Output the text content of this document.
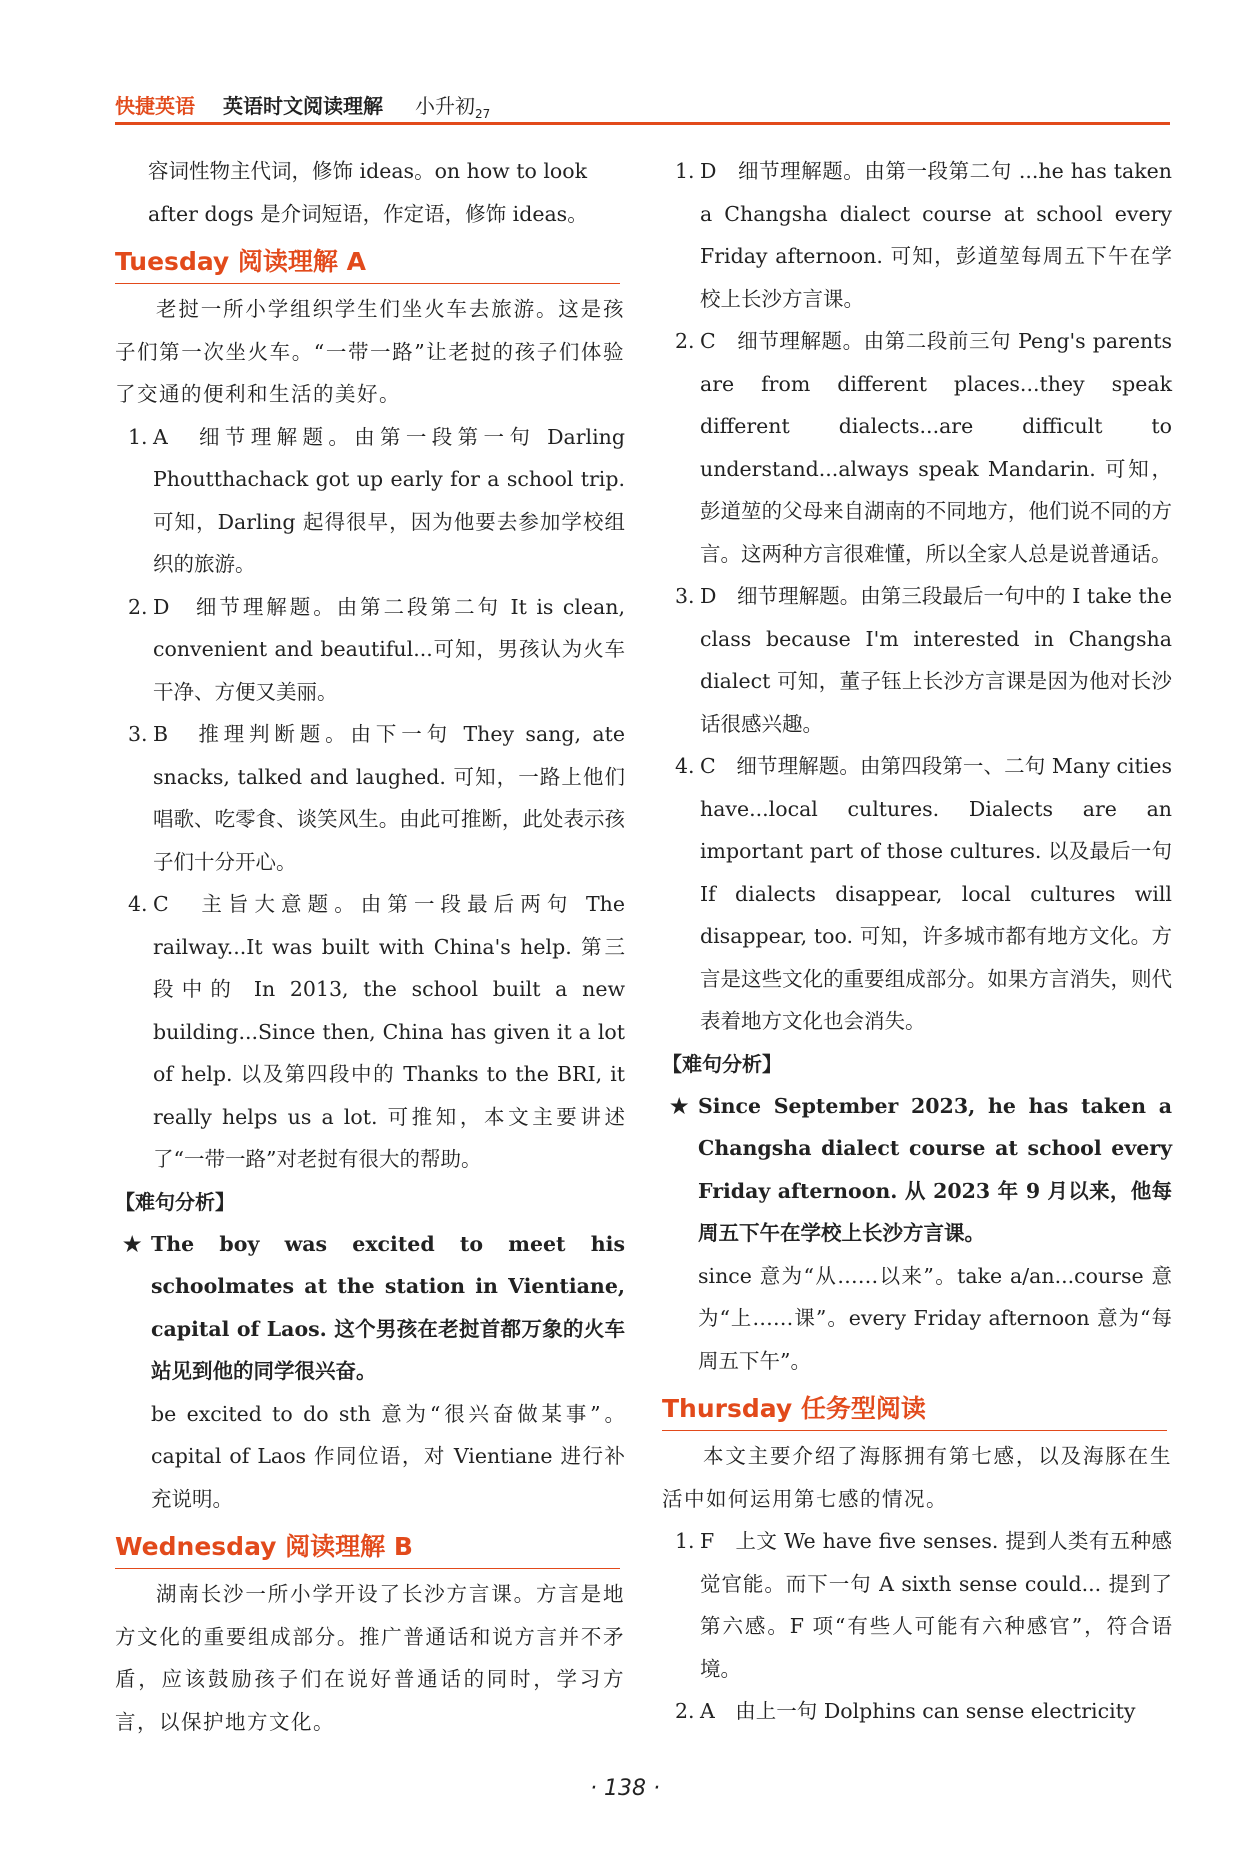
快捷英语 英语时文阅读理解 小升初$_{27}$

容词性物主代词，修饰 ideas。on how to look

after dogs 是介词短语，作定语，修饰 ideas。

Tuesday 阅读理解 A

老挝一所小学组织学生们坐火车去旅游。这是孩子们第一次坐火车。“一带一路”让老挝的孩子们体验了交通的便利和生活的美好。

1. A　细节理解题。由第一段第一句 Darling Phoutthachack got up early for a school trip. 可知，Darling 起得很早，因为他要去参加学校组织的旅游。

2. D　细节理解题。由第二段第二句 It is clean, convenient and beautiful...可知，男孩认为火车干净、方便又美丽。

3. B　推理判断题。由下一句 They sang, ate snacks, talked and laughed. 可知，一路上他们唱歌、吃零食、谈笑风生。由此可推断，此处表示孩子们十分开心。

4. C　主旨大意题。由第一段最后两句 The railway...It was built with China's help. 第三段中的 In 2013, the school built a new building...Since then, China has given it a lot of help. 以及第四段中的 Thanks to the BRI, it really helps us a lot. 可推知，本文主要讲述了“一带一路”对老挝有很大的帮助。

【难句分析】

★ The boy was excited to meet his schoolmates at the station in Vientiane, capital of Laos. 这个男孩在老挝首都万象的火车站见到他的同学很兴奋。

be excited to do sth 意为“很兴奋做某事”。capital of Laos 作同位语，对 Vientiane 进行补充说明。

Wednesday 阅读理解 B

湖南长沙一所小学开设了长沙方言课。方言是地方文化的重要组成部分。推广普通话和说方言并不矛盾，应该鼓励孩子们在说好普通话的同时，学习方言，以保护地方文化。

1. D　细节理解题。由第一段第二句 ...he has taken a Changsha dialect course at school every Friday afternoon. 可知，彭道堃每周五下午在学校上长沙方言课。

2. C　细节理解题。由第二段前三句 Peng's parents are from different places...they speak different dialects...are difficult to understand...always speak Mandarin. 可知，彭道堃的父母来自湖南的不同地方，他们说不同的方言。这两种方言很难懂，所以全家人总是说普通话。

3. D　细节理解题。由第三段最后一句中的 I take the class because I'm interested in Changsha dialect 可知，董子钰上长沙方言课是因为他对长沙话很感兴趣。

4. C　细节理解题。由第四段第一、二句 Many cities have...local cultures. Dialects are an important part of those cultures. 以及最后一句 If dialects disappear, local cultures will disappear, too. 可知，许多城市都有地方文化。方言是这些文化的重要组成部分。如果方言消失，则代表着地方文化也会消失。

【难句分析】

★ Since September 2023, he has taken a Changsha dialect course at school every Friday afternoon. 从 2023 年 9 月以来，他每周五下午在学校上长沙方言课。

since 意为“从……以来”。take a/an...course 意为“上……课”。every Friday afternoon 意为“每周五下午”。

Thursday 任务型阅读

本文主要介绍了海豚拥有第七感，以及海豚在生活中如何运用第七感的情况。

1. F　上文 We have five senses. 提到人类有五种感觉官能。而下一句 A sixth sense could... 提到了第六感。F 项“有些人可能有六种感官”，符合语境。

2. A　由上一句 Dolphins can sense electricity

· 138 ·
